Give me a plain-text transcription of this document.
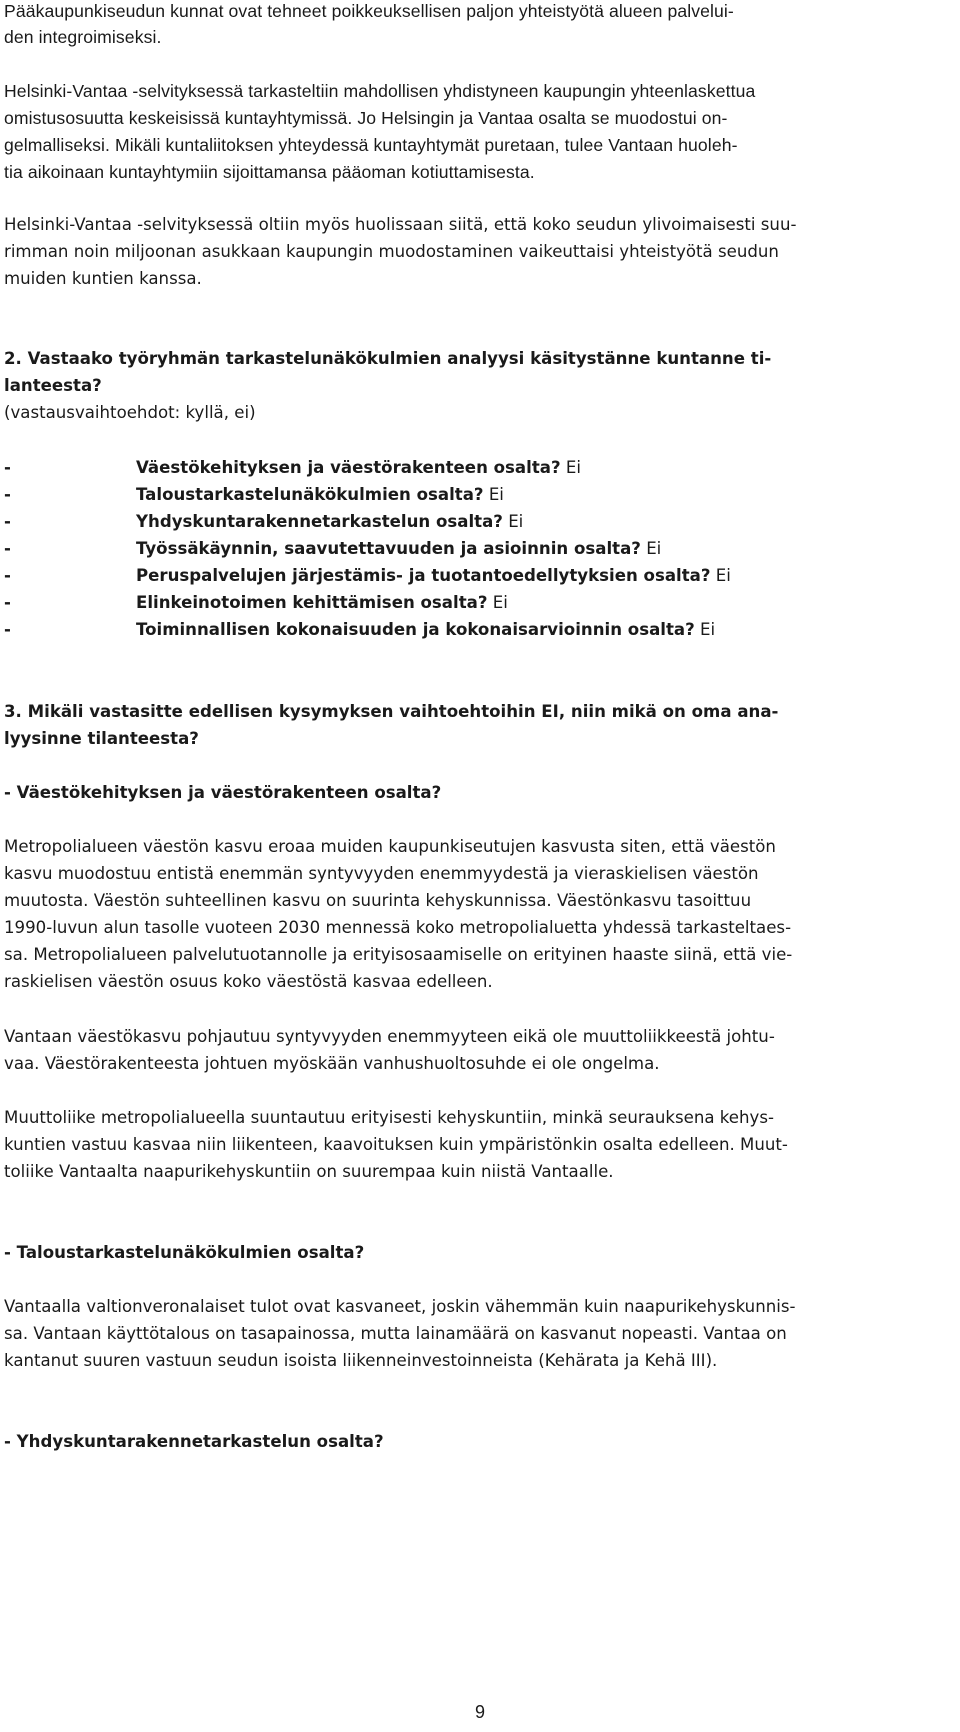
Pääkaupunkiseudun kunnat ovat tehneet poikkeuksellisen paljon yhteistyötä alueen palvelui-
den integroimiseksi.
Helsinki-Vantaa -selvityksessä tarkasteltiin mahdollisen yhdistyneen kaupungin yhteenlaskettua
omistusosuutta keskeisissä kuntayhtymissä. Jo Helsingin ja Vantaa osalta se muodostui on-
gelmalliseksi. Mikäli kuntaliitoksen yhteydessä kuntayhtymät puretaan, tulee Vantaan huoleh-
tia aikoinaan kuntayhtymiin sijoittamansa pääoman kotiuttamisesta.
Helsinki-Vantaa -selvityksessä oltiin myös huolissaan siitä, että koko seudun ylivoimaisesti suu-
rimman noin miljoonan asukkaan kaupungin muodostaminen vaikeuttaisi yhteistyötä seudun
muiden kuntien kanssa.
2. Vastaako työryhmän tarkastelunäkökulmien analyysi käsitystänne kuntanne ti-
lanteesta?
(vastausvaihtoehdot: kyllä, ei)
-	Väestökehityksen ja väestörakenteen osalta? Ei
-	Taloustarkastelunäkökulmien osalta? Ei
-	Yhdyskuntarakennetarkastelun osalta? Ei
-	Työssäkäynnin, saavutettavuuden ja asioinnin osalta? Ei
-	Peruspalvelujen järjestämis- ja tuotantoedellytyksien osalta? Ei
-	Elinkeinotoimen kehittämisen osalta? Ei
-	Toiminnallisen kokonaisuuden ja kokonaisarvioinnin osalta? Ei
3. Mikäli vastasitte edellisen kysymyksen vaihtoehtoihin EI, niin mikä on oma ana-
lyysinne tilanteesta?
- Väestökehityksen ja väestörakenteen osalta?
Metropolialueen väestön kasvu eroaa muiden kaupunkiseutujen kasvusta siten, että väestön
kasvu muodostuu entistä enemmän syntyvyyden enemmyydestä ja vieraskielisen väestön
muutosta. Väestön suhteellinen kasvu on suurinta kehyskunnissa. Väestönkasvu tasoittuu
1990-luvun alun tasolle vuoteen 2030 mennessä koko metropolialuetta yhdessä tarkasteltaes-
sa. Metropolialueen palvelutuotannolle ja erityisosaamiselle on erityinen haaste siinä, että vie-
raskielisen väestön osuus koko väestöstä kasvaa edelleen.
Vantaan väestökasvu pohjautuu syntyvyyden enemmyyteen eikä ole muuttoliikkeestä johtu-
vaa. Väestörakenteesta johtuen myöskään vanhushuoltosuhde ei ole ongelma.
Muuttoliike metropolialueella suuntautuu erityisesti kehyskuntiin, minkä seurauksena kehys-
kuntien vastuu kasvaa niin liikenteen, kaavoituksen kuin ympäristönkin osalta edelleen. Muut-
toliike Vantaalta naapurikehyskuntiin on suurempaa kuin niistä Vantaalle.
- Taloustarkastelunäkökulmien osalta?
Vantaalla valtionveronalaiset tulot ovat kasvaneet, joskin vähemmän kuin naapurikehyskunnis-
sa. Vantaan käyttötalous on tasapainossa, mutta lainamäärä on kasvanut nopeasti. Vantaa on
kantanut suuren vastuun seudun isoista liikenneinvestoinneista (Kehärata ja Kehä III).
- Yhdyskuntarakennetarkastelun osalta?
9
